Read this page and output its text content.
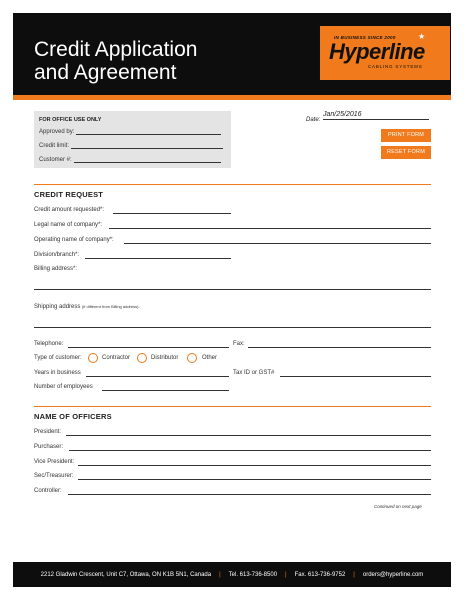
Credit Application
and Agreement
IN BUSINESS SINCE 2000	★
Hyperline
CABLING SYSTEMS
FOR OFFICE USE ONLY
Approved by:
Credit limit:
Customer #:
Date:
Jan/25/2016
PRINT FORM
RESET FORM
CREDIT REQUEST
Credit amount requested*:
Legal name of company*:
Operating name of company*:
Division/branch*:
Billing address*:
Shipping address (if different from Billing address):
Telephone:	Fax:
Type of customer:	Contractor	Distributor	Other
Years in business	Tax ID or GST#
Number of employees
NAME OF OFFICERS
President:
Purchaser:
Vice President:
Sec/Treasurer:
Controller:
Continued on next page
2212 Gladwin Crescent, Unit C7, Ottawa, ON K1B 5N1, Canada | Tel. 613-736-8500 | Fax. 613-736-9752 | orders@hyperline.com
